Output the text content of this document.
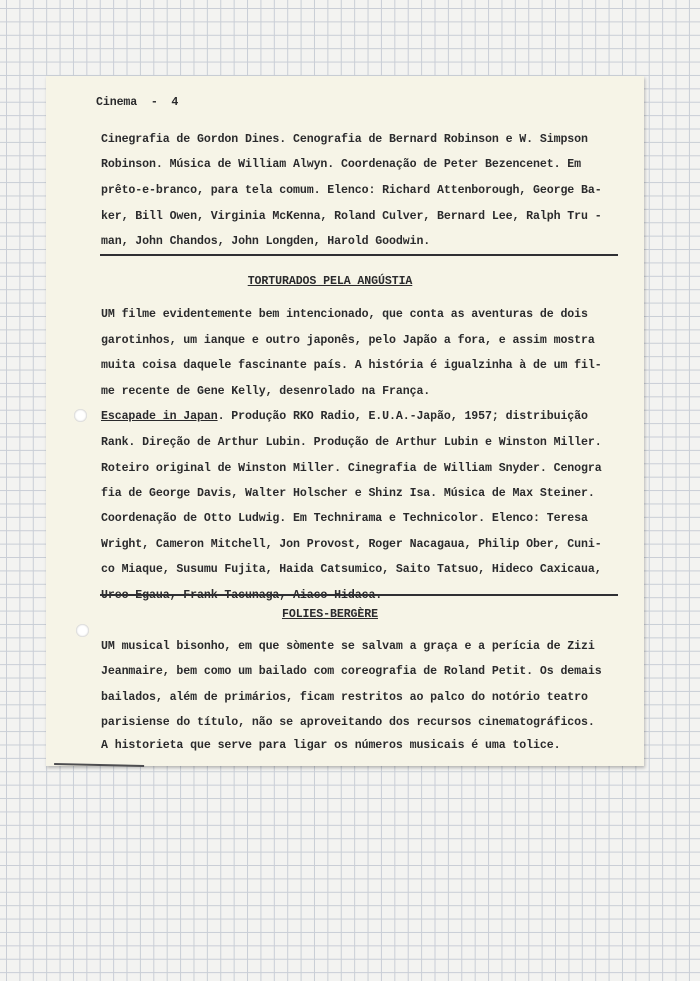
Cinema  -  4
Cinegrafia de Gordon Dines. Cenografia de Bernard Robinson e W. Simpson
Robinson. Música de William Alwyn. Coordenação de Peter Bezencenet. Em
prêto-e-branco, para tela comum. Elenco: Richard Attenborough, George Ba-
ker, Bill Owen, Virginia McKenna, Roland Culver, Bernard Lee, Ralph Tru -
man, John Chandos, John Longden, Harold Goodwin.
TORTURADOS PELA ANGÚSTIA
UM filme evidentemente bem intencionado, que conta as aventuras de dois
garotinhos, um ianque e outro japonês, pelo Japão a fora, e assim mostra
muita coisa daquele fascinante país. A história é igualzinha à de um fil-
me recente de Gene Kelly, desenrolado na França.
Escapade in Japan. Produção RKO Radio, E.U.A.-Japão, 1957; distribuição
Rank. Direção de Arthur Lubin. Produção de Arthur Lubin e Winston Miller.
Roteiro original de Winston Miller. Cinegrafia de William Snyder. Cenogra
fia de George Davis, Walter Holscher e Shinz Isa. Música de Max Steiner.
Coordenação de Otto Ludwig. Em Technirama e Technicolor. Elenco: Teresa
Wright, Cameron Mitchell, Jon Provost, Roger Nacagaua, Philip Ober, Cuni-
co Miaque, Susumu Fujita, Haida Catsumico, Saito Tatsuo, Hideco Caxicaua,
FOLIES-BERGÈRE
UM musical bisonho, em que sòmente se salvam a graça e a perícia de Zizi
Jeanmaire, bem como um bailado com coreografia de Roland Petit. Os demais
bailados, além de primários, ficam restritos ao palco do notório teatro
parisiense do título, não se aproveitando dos recursos cinematográficos.
A historieta que serve para ligar os números musicais é uma tolice.
